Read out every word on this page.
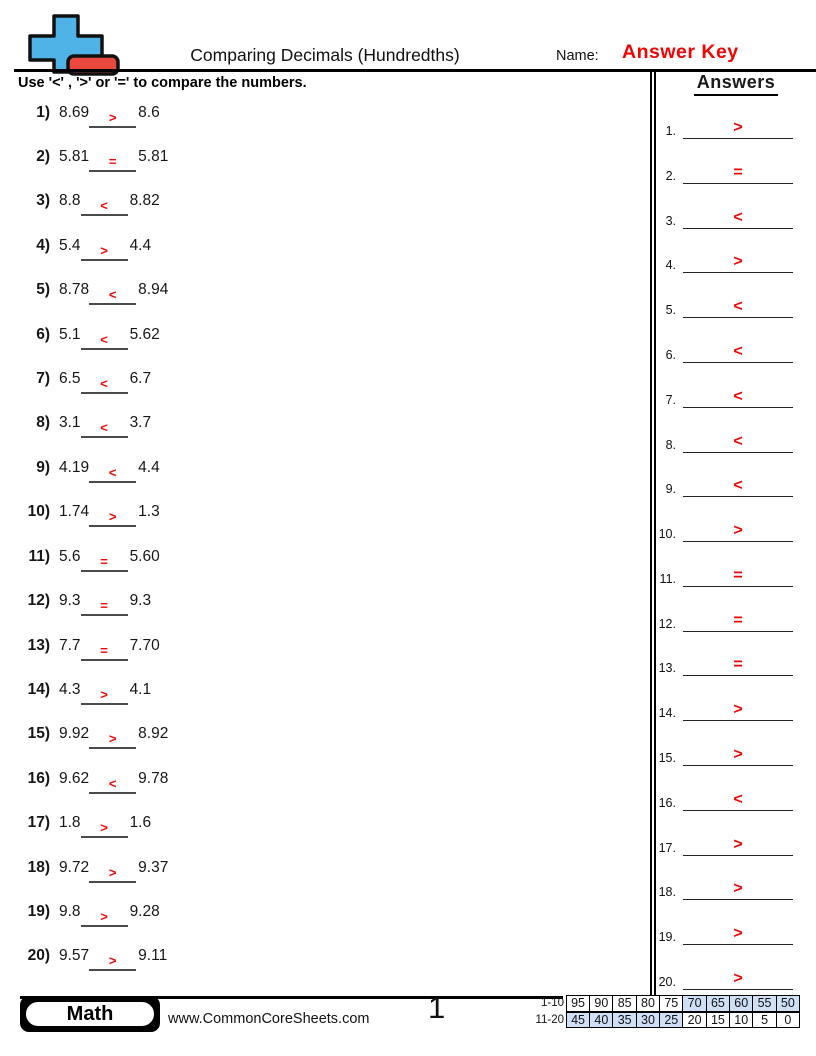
Comparing Decimals (Hundredths)	Name: Answer Key
Use '<' , '>' or '=' to compare the numbers.	Answers
1.	>
2.	=
3.	<
4.	>
5.	<
6.	<
7.	<
8.	<
9.	<
10.	>
11.	=
12.	=
13.	=
14.	>
15.	>
16.	<
17.	>
18.	>
19.	>
20.	>
1) 8.69 > 8.6
2) 5.81 = 5.81
3) 8.8 < 8.82
4) 5.4 > 4.4
5) 8.78 < 8.94
6) 5.1 < 5.62
7) 6.5 < 6.7
8) 3.1 < 3.7
9) 4.19 < 4.4
10) 1.74 > 1.3
11) 5.6 = 5.60
12) 9.3 = 9.3
13) 7.7 = 7.70
14) 4.3 > 4.1
15) 9.92 > 8.92
16) 9.62 < 9.78
17) 1.8 > 1.6
18) 9.72 > 9.37
19) 9.8 > 9.28
20) 9.57 > 9.11
Math	www.CommonCoreSheets.com 1	1-10 95 90 85 80 75 70 65 60 55 50
11-20 45 40 35 30 25 20 15 10	5	0
